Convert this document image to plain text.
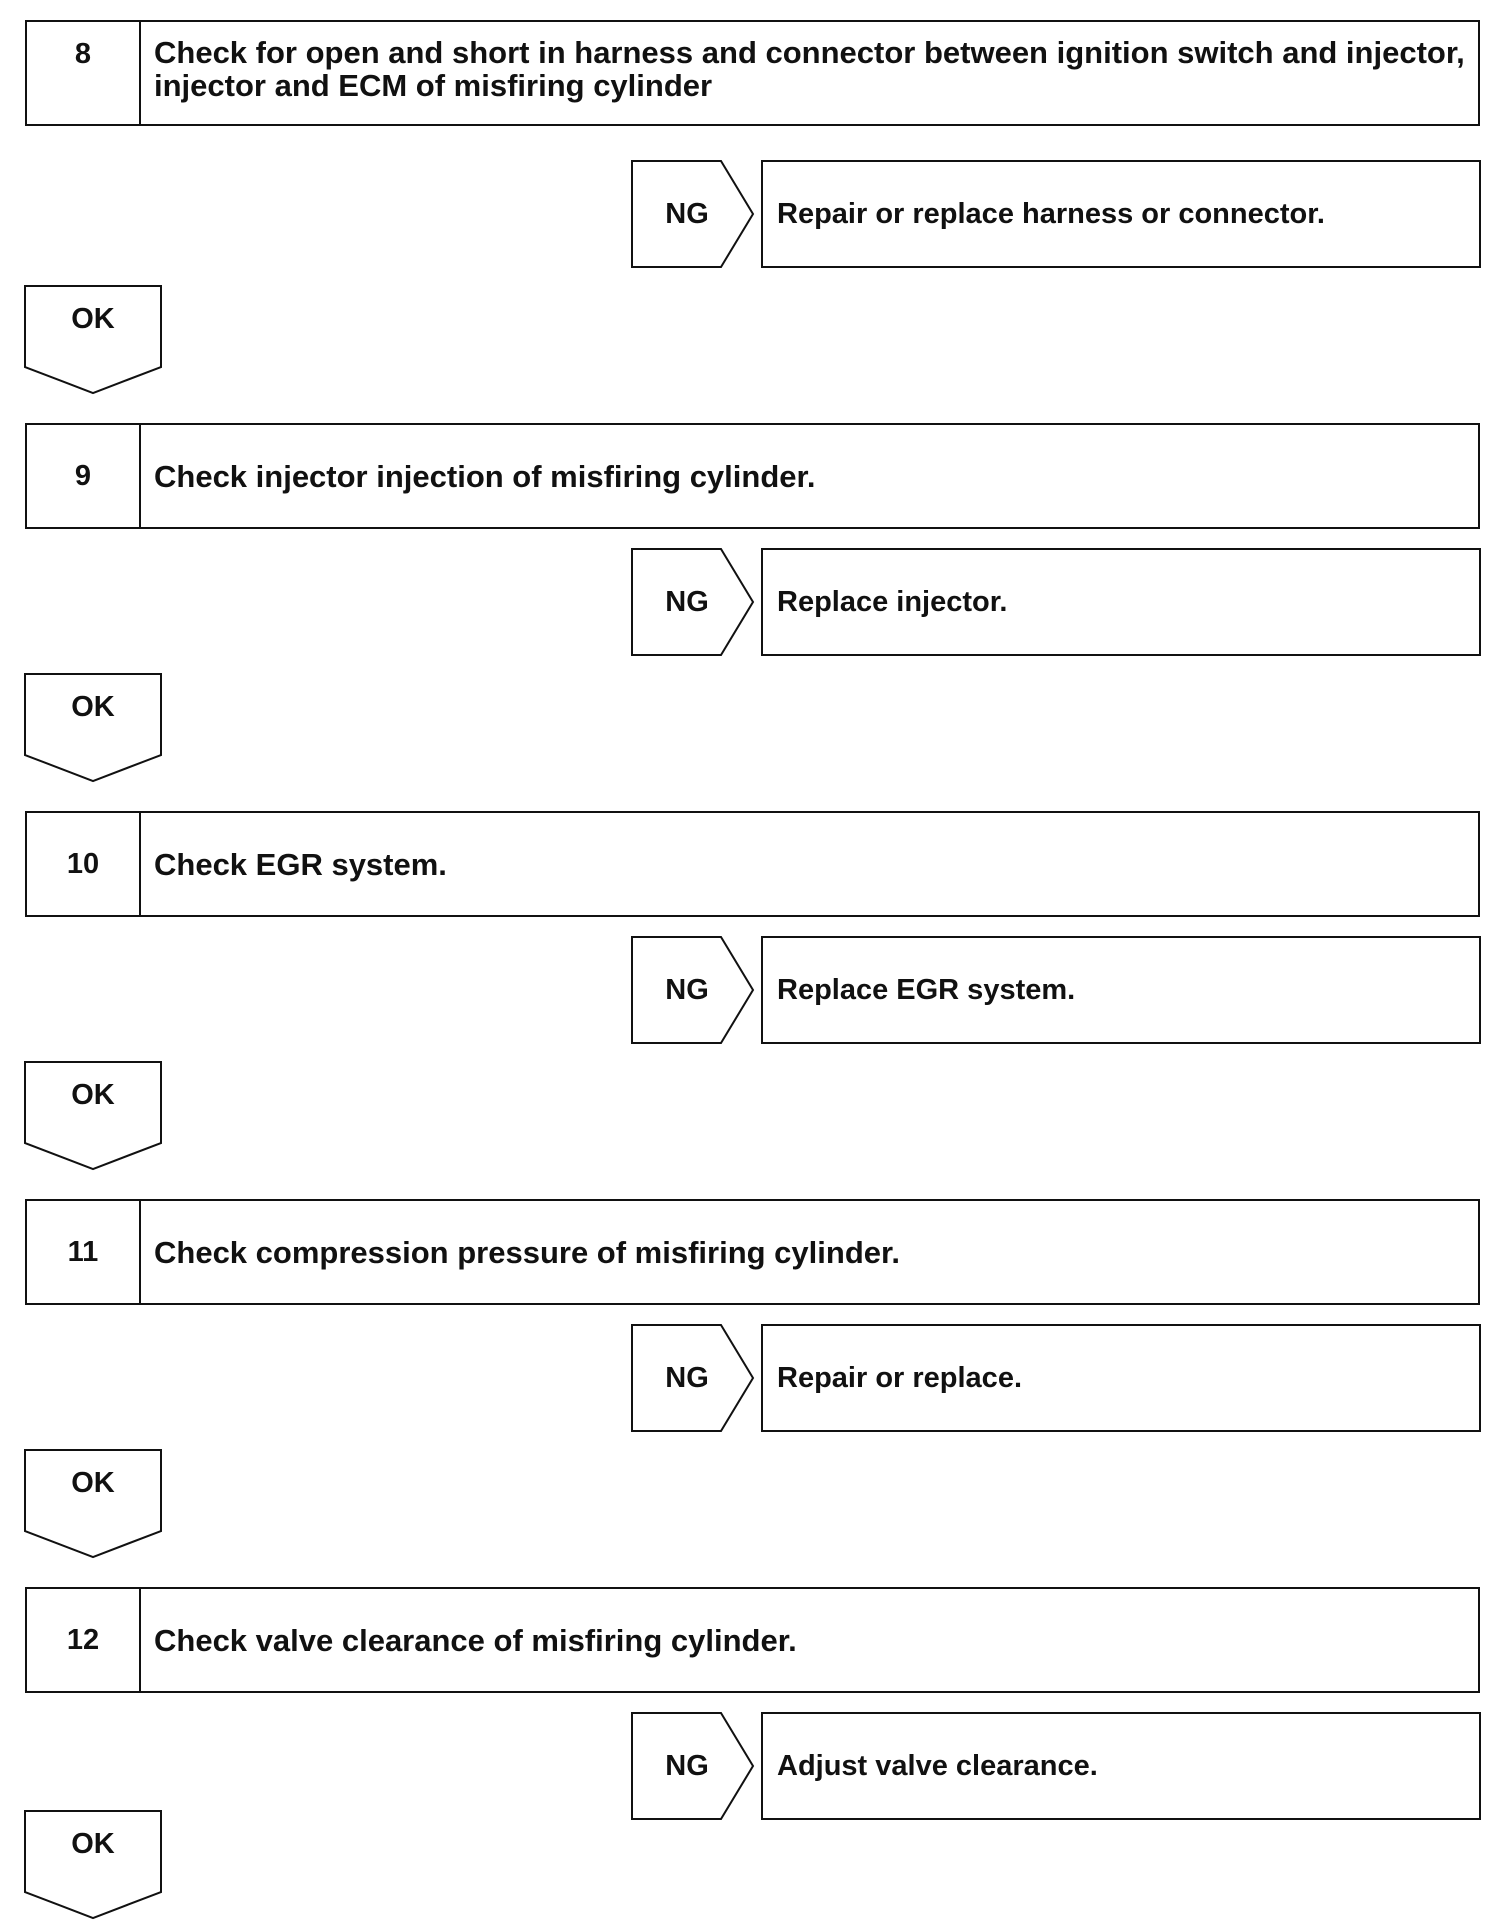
8	Check for open and short in harness and connector between ignition switch and injector, injector and ECM of misfiring cylinder
NG	Repair or replace harness or connector.
OK
9	Check injector injection of misfiring cylinder.
NG	Replace injector.
OK
10	Check EGR system.
NG	Replace EGR system.
OK
11	Check compression pressure of misfiring cylinder.
NG	Repair or replace.
OK
12	Check valve clearance of misfiring cylinder.
NG	Adjust valve clearance.
OK
